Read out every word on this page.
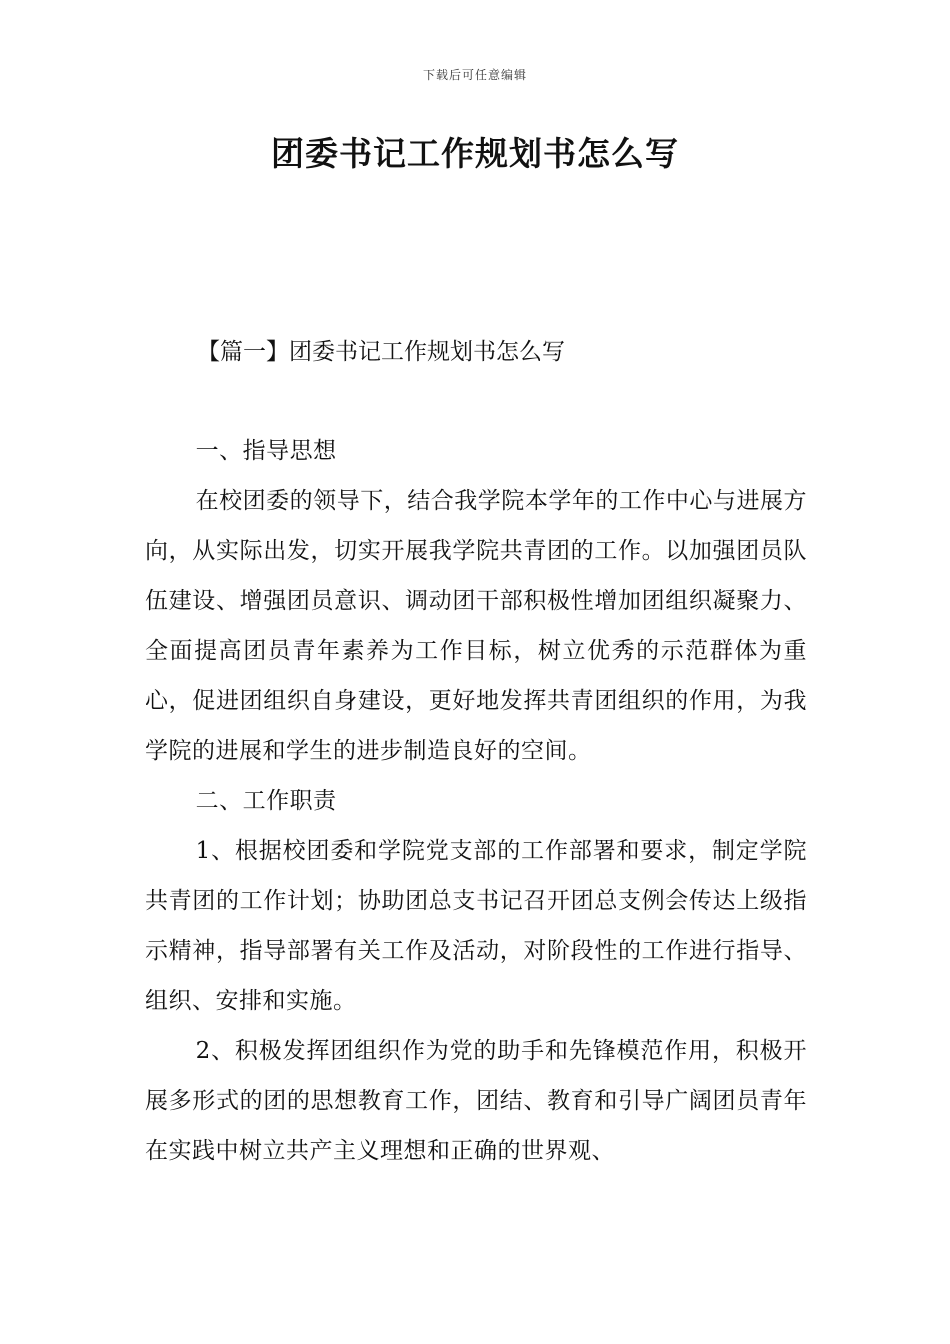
下载后可任意编辑
团委书记工作规划书怎么写
【篇一】团委书记工作规划书怎么写

一、指导思想

在校团委的领导下，结合我学院本学年的工作中心与进展方向，从实际出发，切实开展我学院共青团的工作。以加强团员队伍建设、增强团员意识、调动团干部积极性增加团组织凝聚力、全面提高团员青年素养为工作目标，树立优秀的示范群体为重心，促进团组织自身建设，更好地发挥共青团组织的作用，为我学院的进展和学生的进步制造良好的空间。

二、工作职责

1、根据校团委和学院党支部的工作部署和要求，制定学院共青团的工作计划；协助团总支书记召开团总支例会传达上级指示精神，指导部署有关工作及活动，对阶段性的工作进行指导、组织、安排和实施。

2、积极发挥团组织作为党的助手和先锋模范作用，积极开展多形式的团的思想教育工作，团结、教育和引导广阔团员青年在实践中树立共产主义理想和正确的世界观、
